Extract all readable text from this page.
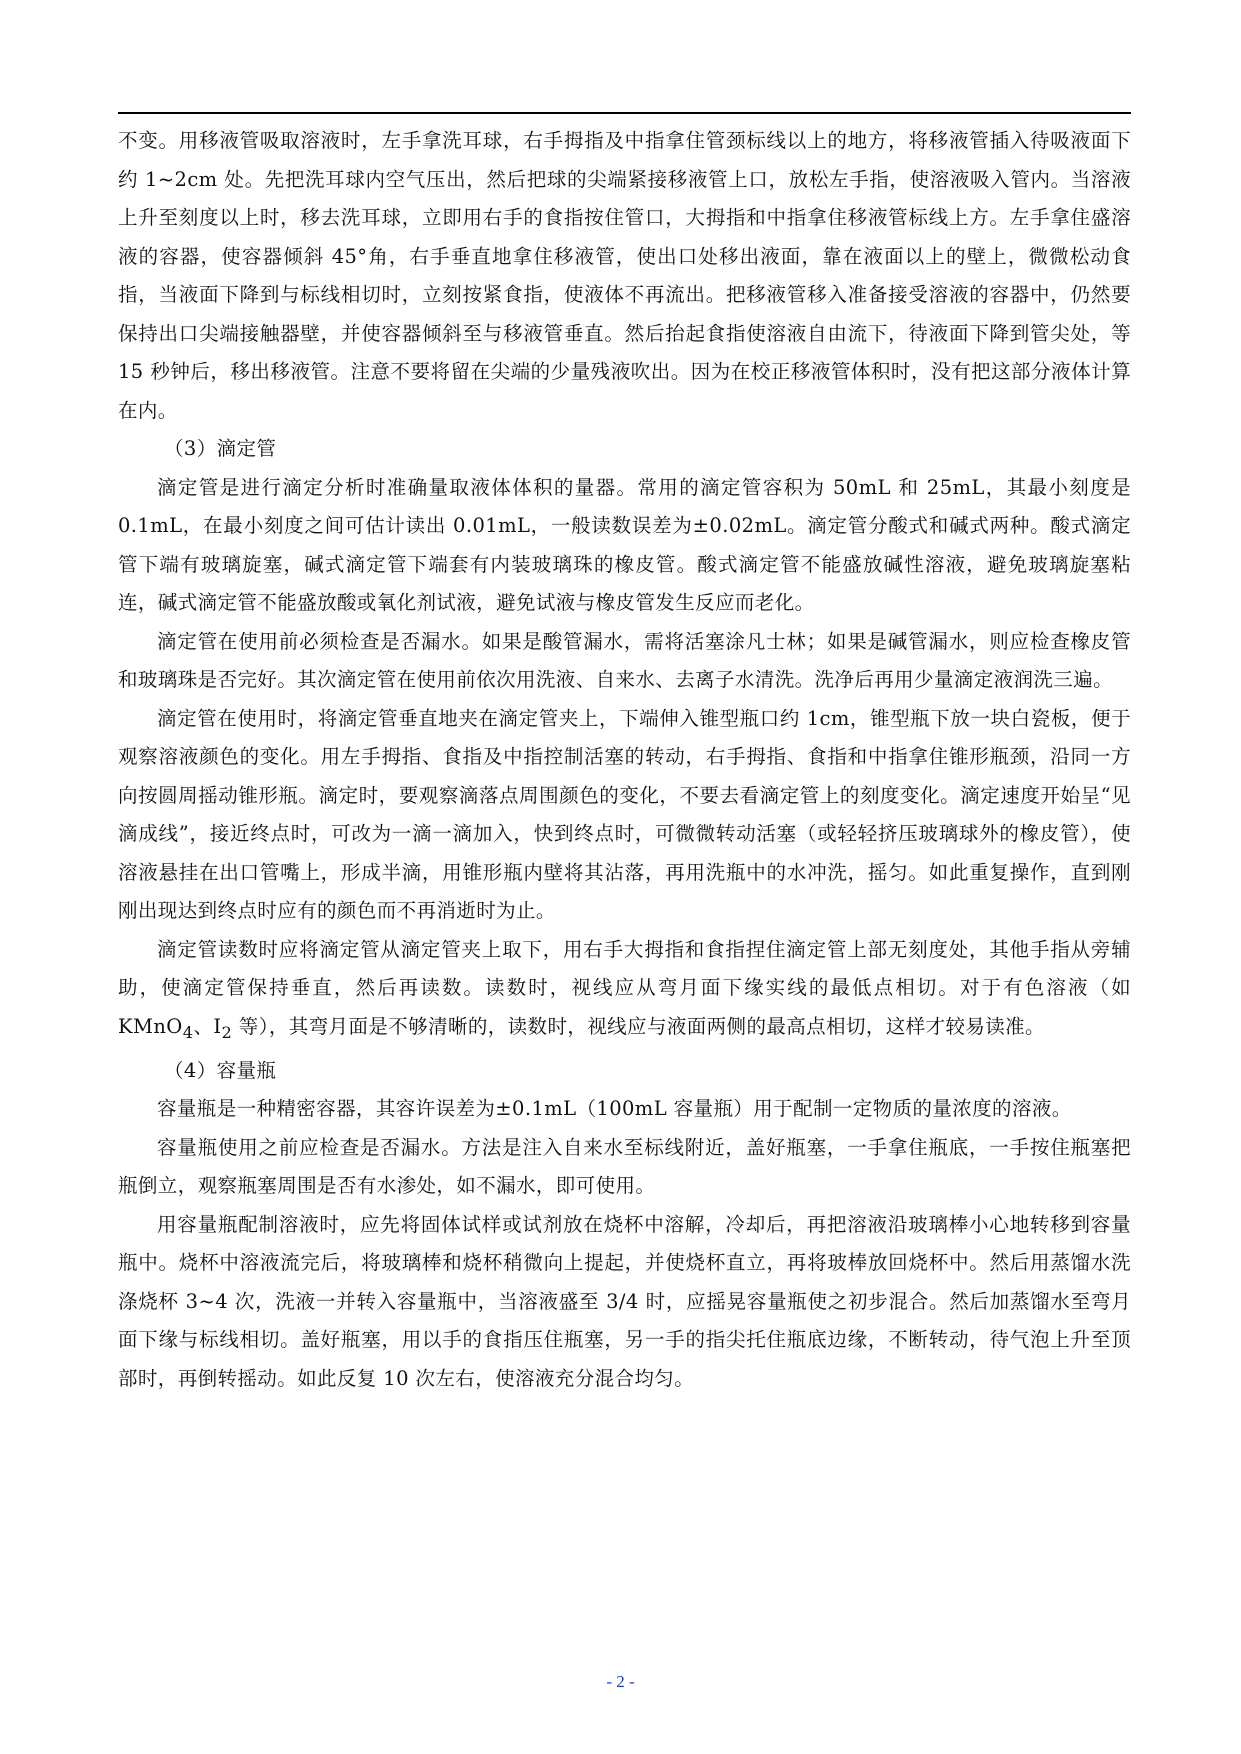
不变。用移液管吸取溶液时，左手拿洗耳球，右手拇指及中指拿住管颈标线以上的地方，将移液管插入待吸液面下约 1~2cm 处。先把洗耳球内空气压出，然后把球的尖端紧接移液管上口，放松左手指，使溶液吸入管内。当溶液上升至刻度以上时，移去洗耳球，立即用右手的食指按住管口，大拇指和中指拿住移液管标线上方。左手拿住盛溶液的容器，使容器倾斜 45°角，右手垂直地拿住移液管，使出口处移出液面，靠在液面以上的壁上，微微松动食指，当液面下降到与标线相切时，立刻按紧食指，使液体不再流出。把移液管移入准备接受溶液的容器中，仍然要保持出口尖端接触器壁，并使容器倾斜至与移液管垂直。然后抬起食指使溶液自由流下，待液面下降到管尖处，等 15 秒钟后，移出移液管。注意不要将留在尖端的少量残液吹出。因为在校正移液管体积时，没有把这部分液体计算在内。

（3）滴定管

滴定管是进行滴定分析时准确量取液体体积的量器。常用的滴定管容积为 50mL 和 25mL，其最小刻度是 0.1mL，在最小刻度之间可估计读出 0.01mL，一般读数误差为±0.02mL。滴定管分酸式和碱式两种。酸式滴定管下端有玻璃旋塞，碱式滴定管下端套有内装玻璃珠的橡皮管。酸式滴定管不能盛放碱性溶液，避免玻璃旋塞粘连，碱式滴定管不能盛放酸或氧化剂试液，避免试液与橡皮管发生反应而老化。

滴定管在使用前必须检查是否漏水。如果是酸管漏水，需将活塞涂凡士林；如果是碱管漏水，则应检查橡皮管和玻璃珠是否完好。其次滴定管在使用前依次用洗液、自来水、去离子水清洗。洗净后再用少量滴定液润洗三遍。

滴定管在使用时，将滴定管垂直地夹在滴定管夹上，下端伸入锥型瓶口约 1cm，锥型瓶下放一块白瓷板，便于观察溶液颜色的变化。用左手拇指、食指及中指控制活塞的转动，右手拇指、食指和中指拿住锥形瓶颈，沿同一方向按圆周摇动锥形瓶。滴定时，要观察滴落点周围颜色的变化，不要去看滴定管上的刻度变化。滴定速度开始呈“见滴成线”，接近终点时，可改为一滴一滴加入，快到终点时，可微微转动活塞（或轻轻挤压玻璃球外的橡皮管），使溶液悬挂在出口管嘴上，形成半滴，用锥形瓶内壁将其沾落，再用洗瓶中的水冲洗，摇匀。如此重复操作，直到刚刚出现达到终点时应有的颜色而不再消逝时为止。

滴定管读数时应将滴定管从滴定管夹上取下，用右手大拇指和食指捏住滴定管上部无刻度处，其他手指从旁辅助，使滴定管保持垂直，然后再读数。读数时，视线应从弯月面下缘实线的最低点相切。对于有色溶液（如 KMnO$_4$、$I_2$ 等），其弯月面是不够清晰的，读数时，视线应与液面两侧的最高点相切，这样才较易读准。

（4）容量瓶

容量瓶是一种精密容器，其容许误差为±0.1mL（100mL 容量瓶）用于配制一定物质的量浓度的溶液。

容量瓶使用之前应检查是否漏水。方法是注入自来水至标线附近，盖好瓶塞，一手拿住瓶底，一手按住瓶塞把瓶倒立，观察瓶塞周围是否有水渗处，如不漏水，即可使用。

用容量瓶配制溶液时，应先将固体试样或试剂放在烧杯中溶解，冷却后，再把溶液沿玻璃棒小心地转移到容量瓶中。烧杯中溶液流完后，将玻璃棒和烧杯稍微向上提起，并使烧杯直立，再将玻棒放回烧杯中。然后用蒸馏水洗涤烧杯 3~4 次，洗液一并转入容量瓶中，当溶液盛至 3/4 时，应摇晃容量瓶使之初步混合。然后加蒸馏水至弯月面下缘与标线相切。盖好瓶塞，用以手的食指压住瓶塞，另一手的指尖托住瓶底边缘，不断转动，待气泡上升至顶部时，再倒转摇动。如此反复 10 次左右，使溶液充分混合均匀。

- 2 -
